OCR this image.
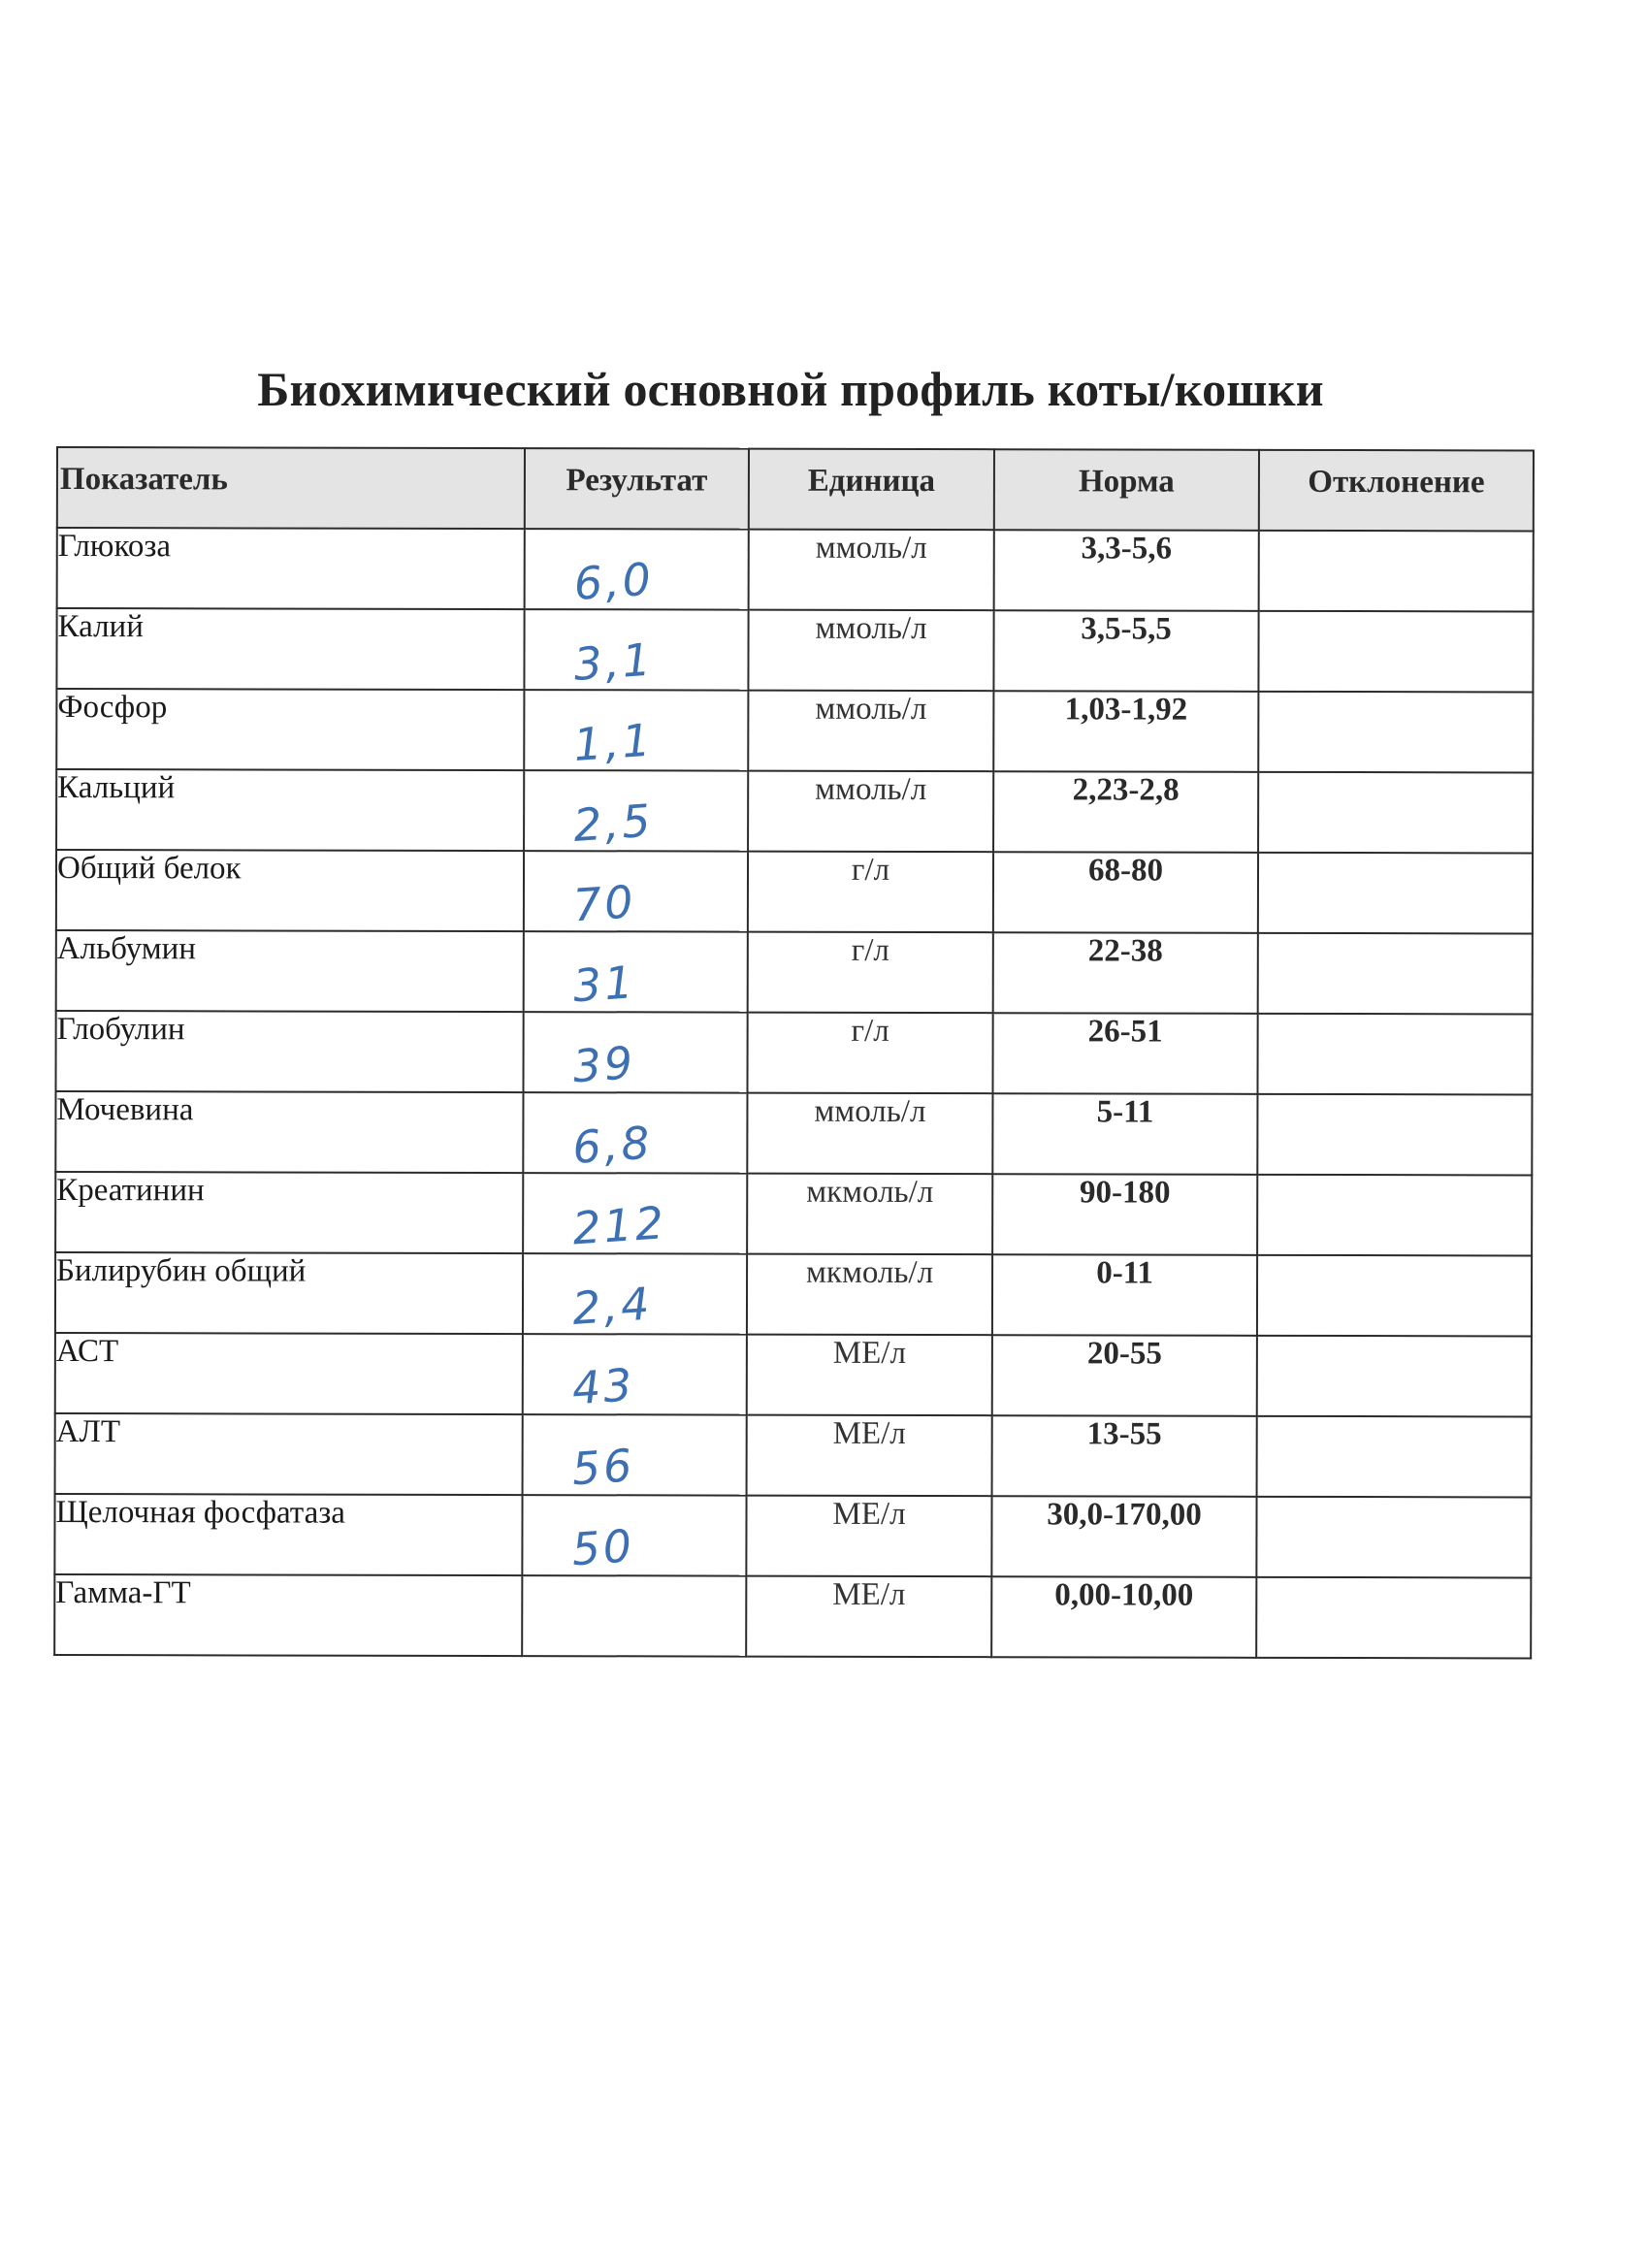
Биохимический основной профиль коты/кошки
Показатель	Результат	Единица	Норма	Отклонение
Глюкоза	6,0	ммоль/л	3,3-5,6	
Калий	3,1	ммоль/л	3,5-5,5	
Фосфор	1,1	ммоль/л	1,03-1,92	
Кальций	2,5	ммоль/л	2,23-2,8	
Общий белок	70	г/л	68-80	
Альбумин	31	г/л	22-38	
Глобулин	39	г/л	26-51	
Мочевина	6,8	ммоль/л	5-11	
Креатинин	212	мкмоль/л	90-180	
Билирубин общий	2,4	мкмоль/л	0-11	
АСТ	43	МЕ/л	20-55	
АЛТ	56	МЕ/л	13-55	
Щелочная фосфатаза	50	МЕ/л	30,0-170,00	
Гамма-ГТ		МЕ/л	0,00-10,00	
